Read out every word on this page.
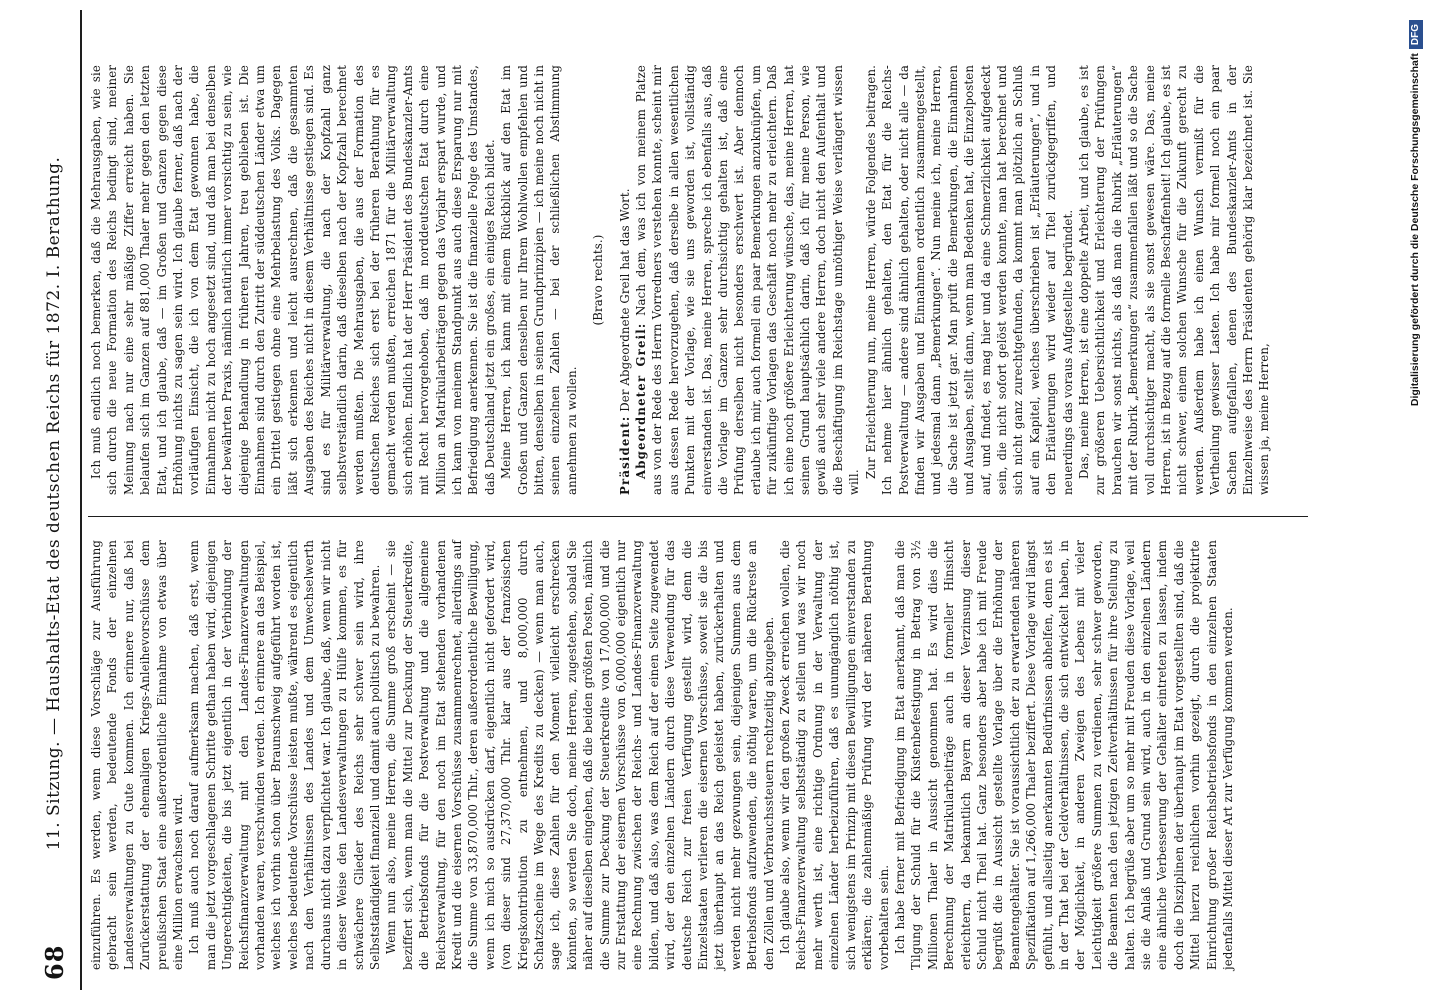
68
11. Sitzung. — Haushalts-Etat des deutschen Reichs für 1872. I. Berathung. einzuführen. Es werden, wenn diese Vorschläge zur Ausführung gebracht sein werden, bedeutende Fonds der einzelnen Landesverwaltungen zu Gute kommen. Ich erinnere nur, daß bei Zurückerstattung der ehemaligen Kriegs-Anleihevorschüsse dem preußischen Staat eine außerordentliche Einnahme von etwas über eine Million erwachsen wird. Ich muß auch noch darauf aufmerksam machen, daß erst, wenn man die jetzt vorgeschlagenen Schritte gethan haben wird, diejenigen Ungerechtigkeiten, die bis jetzt eigentlich in der Verbindung der Reichsfinanzverwaltung mit den Landes-Finanzverwaltungen vorhanden waren, verschwinden werden. Ich erinnere an das Beispiel, welches ich vorhin schon über Braunschweig aufgeführt worden ist, welches bedeutende Vorschüsse leisten mußte, während es eigentlich nach den Verhältnissen des Landes und dem Umwechselwerth durchaus nicht dazu verpflichtet war. Ich glaube, daß, wenn wir nicht in dieser Weise den Landesverwaltungen zu Hülfe kommen, es für schwächere Glieder des Reichs sehr schwer sein wird, ihre Selbstständigkeit finanziell und damit auch politisch zu bewahren. Wenn nun also, meine Herren, die Summe groß erscheint — sie beziffert sich, wenn man die Mittel zur Deckung der Steuerkredite, die Betriebsfonds für die Postverwaltung und die allgemeine Reichsverwaltung, für den noch im Etat stehenden vorhandenen Kredit und die eisernen Vorschüsse zusammenrechnet, allerdings auf die Summe von 33,870,000 Thlr., deren außerordentliche Bewilligung, wenn ich mich so ausdrücken darf, eigentlich nicht gefordert wird, (von dieser sind 27,370,000 Thlr. klar aus der französischen Kriegskontribution zu entnehmen, und 8,000,000 durch Schatzscheine im Wege des Kredits zu decken) — wenn man auch, sage ich, diese Zahlen für den Moment vielleicht erschrecken könnten, so werden Sie doch, meine Herren, zugestehen, sobald Sie näher auf dieselben eingehen, daß die beiden größten Posten, nämlich die Summe zur Deckung der Steuerkredite von 17,000,000 und die zur Erstattung der eisernen Vorschüsse von 6,000,000 eigentlich nur eine Rechnung zwischen der Reichs- und Landes-Finanzverwaltung bilden, und daß also, was dem Reich auf der einen Seite zugewendet wird, der den einzelnen Ländern durch diese Verwendung für das deutsche Reich zur freien Verfügung gestellt wird, denn die Einzelstaaten verlieren die eisernen Vorschüsse, soweit sie die bis jetzt überhaupt an das Reich geleistet haben, zurückerhalten und werden nicht mehr gezwungen sein, diejenigen Summen aus dem Betriebsfonds aufzuwenden, die nöthig waren, um die Rückreste an den Zöllen und Verbrauchssteuern rechtzeitig abzugeben. Ich glaube also, wenn wir den großen Zweck erreichen wollen, die Reichs-Finanzverwaltung selbstständig zu stellen und was wir noch mehr werth ist, eine richtige Ordnung in der Verwaltung der einzelnen Länder herbeizuführen, daß es unumgänglich nöthig ist, sich wenigstens im Prinzip mit diesen Bewilligungen einverstanden zu erklären; die zahlenmäßige Prüfung wird der näheren Berathung vorbehalten sein. Ich habe ferner mit Befriedigung im Etat anerkannt, daß man die Tilgung der Schuld für die Küstenbefestigung in Betrag von 3½ Millionen Thaler in Aussicht genommen hat. Es wird dies die Berechnung der Matrikularbeiträge auch in formeller Hinsicht erleichtern, da bekanntlich Bayern an dieser Verzinsung dieser Schuld nicht Theil hat. Ganz besonders aber habe ich mit Freude begrüßt die in Aussicht gestellte Vorlage über die Erhöhung der Beamtengehälter. Sie ist voraussichtlich der zu erwartenden näheren Spezifikation auf 1,266,000 Thaler beziffert. Diese Vorlage wird längst gefühlt, und allseitig anerkannten Bedürfnissen abhelfen, denn es ist in der That bei der Geldverhältnissen, die sich entwickelt haben, in der Möglichkeit, in anderen Zweigen des Lebens mit vieler Leichtigkeit größere Summen zu verdienen, sehr schwer geworden, die Beamten nach den jetzigen Zeitverhältnissen für ihre Stellung zu halten. Ich begrüße aber um so mehr mit Freuden diese Vorlage, weil sie die Anlaß und Grund sein wird, auch in den einzelnen Ländern eine ähnliche Verbesserung der Gehälter eintreten zu lassen, indem doch die Disziplinen der überhaupt im Etat vorgestellten sind, daß die Mittel hierzu reichlichen vorhin gezeigt, durch die projektirte Einrichtung großer Reichsbetriebsfonds in den einzelnen Staaten jedenfalls Mittel dieser Art zur Verfügung kommen werden.

Ich muß endlich noch bemerken, daß die Mehrausgaben, wie sie sich durch die neue Formation des Reichs bedingt sind, meiner Meinung nach nur eine sehr mäßige Ziffer erreicht haben. Sie belaufen sich im Ganzen auf 881,000 Thaler mehr gegen den letzten Etat, und ich glaube, daß — im Großen und Ganzen gegen diese Erhöhung nichts zu sagen sein wird. Ich glaube ferner, daß nach der vorläufigen Einsicht, die ich von dem Etat gewonnen habe, die Einnahmen nicht zu hoch angesetzt sind, und daß man bei denselben der bewährten Praxis, nämlich natürlich immer vorsichtig zu sein, wie diejenige Behandlung in früheren Jahren, treu geblieben ist. Die Einnahmen sind durch den Zutritt der süddeutschen Länder etwa um ein Drittel gestiegen ohne eine Mehrbelastung des Volks. Dagegen läßt sich erkennen und leicht ausrechnen, daß die gesammten Ausgaben des Reiches nicht in diesem Verhältnisse gestiegen sind. Es sind es für Militärverwaltung, die nach der Kopfzahl ganz selbstverständlich darin, daß dieselben nach der Kopfzahl berechnet werden mußten. Die Mehrausgaben, die aus der Formation des deutschen Reiches sich erst bei der früheren Berathung für es gemacht werden mußten, erreichen 1871 für die Militärverwaltung sich erhöhen. Endlich hat der Herr Präsident des Bundeskanzler-Amts mit Recht hervorgehoben, daß im norddeutschen Etat durch eine Million an Matrikularbeiträgen gegen das Vorjahr erspart wurde, und ich kann von meinem Standpunkt aus auch diese Ersparung nur mit Befriedigung anerkennen. Sie ist die finanzielle Folge des Umstandes, daß Deutschland jetzt ein großes, ein einiges Reich bildet. Meine Herren, ich kann mit einem Rückblick auf den Etat im Großen und Ganzen denselben nur Ihrem Wohlwollen empfehlen und bitten, denselben in seinen Grundprinzipien — ich meine noch nicht in seinen einzelnen Zahlen — bei der schließlichen Abstimmung annehmen zu wollen.

(Bravo rechts.)

Präsident: Der Abgeordnete Greil hat das Wort. Abgeordneter Greil: Nach dem, was ich von meinem Platze aus von der Rede des Herrn Vorredners verstehen konnte, scheint mir aus dessen Rede hervorzugehen, daß derselbe in allen wesentlichen Punkten mit der Vorlage, wie sie uns geworden ist, vollständig einverstanden ist. Das, meine Herren, spreche ich ebenfalls aus, daß die Vorlage im Ganzen sehr durchsichtig gehalten ist, daß eine Prüfung derselben nicht besonders erschwert ist. Aber dennoch erlaube ich mir, auch formell ein paar Bemerkungen anzuknüpfen, um für zukünftige Vorlagen das Geschäft noch mehr zu erleichtern. Daß ich eine noch größere Erleichterung wünsche, das, meine Herren, hat seinen Grund hauptsächlich darin, daß ich für meine Person, wie gewiß auch sehr viele andere Herren, doch nicht den Aufenthalt und die Beschäftigung im Reichstage unnöthiger Weise verlängert wissen will.

Zur Erleichterung nun, meine Herren, würde Folgendes beitragen. Ich nehme hier ähnlich gehalten, den Etat für die Reichs-Postverwaltung — andere sind ähnlich gehalten, oder nicht alle — da finden wir Ausgaben und Einnahmen ordentlich zusammengestellt, und jedesmal dann „Bemerkungen“. Nun meine ich, meine Herren, die Sache ist jetzt gar. Man prüft die Bemerkungen, die Einnahmen und Ausgaben, stellt dann, wenn man Bedenken hat, die Einzelposten auf, und findet, es mag hier und da eine Schmerzlichkeit aufgedeckt sein, die nicht sofort gelöst werden konnte, man hat berechnet und sich nicht ganz zurechtgefunden, da kommt man plötzlich an Schluß auf ein Kapitel, welches überschrieben ist „Erläuterungen“, und in den Erläuterungen wird wieder auf Titel zurückgegriffen, und neuerdings das voraus Aufgestellte begründet. Das, meine Herren, ist eine doppelte Arbeit, und ich glaube, es ist zur größeren Uebersichtlichkeit und Erleichterung der Prüfungen brauchen wir sonst nichts, als daß man die Rubrik „Erläuterungen“ mit der Rubrik „Bemerkungen“ zusammenfallen läßt und so die Sache voll durchsichtiger macht, als sie sonst gewesen wäre. Das, meine Herren, ist in Bezug auf die formelle Beschaffenheit! Ich glaube, es ist nicht schwer, einem solchen Wunsche für die Zukunft gerecht zu werden. Außerdem habe ich einen Wunsch vermißt für die Vertheilung gewisser Lasten. Ich habe mir formell noch ein paar Sachen aufgefallen, denen des Bundeskanzler-Amts in der Einzelnweise des Herrn Präsidenten gehörig klar bezeichnet ist. Sie wissen ja, meine Herren,

Digitalisierung gefördert durch die Deutsche ForschungsgemeinschaftDFG
